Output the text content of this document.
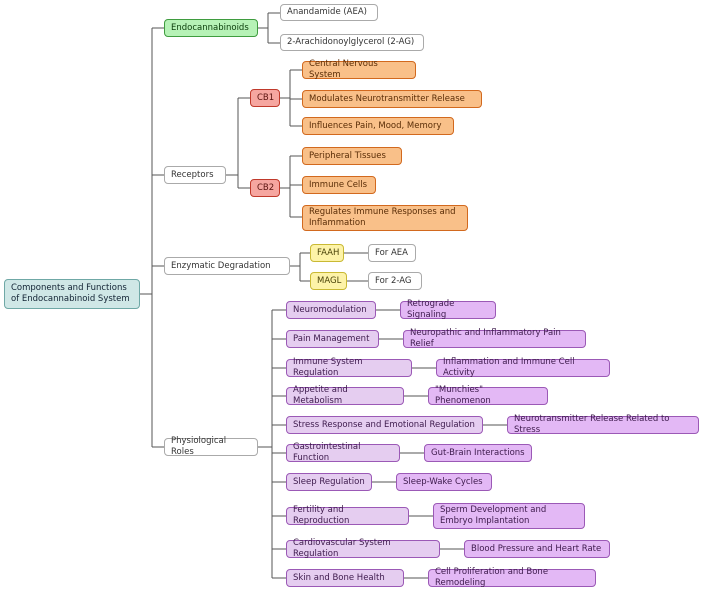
Components and Functions of Endocannabinoid System
Endocannabinoids
Anandamide (AEA)
2-Arachidonoylglycerol (2-AG)
Receptors
CB1
Central Nervous System
Modulates Neurotransmitter Release
Influences Pain, Mood, Memory
CB2
Peripheral Tissues
Immune Cells
Regulates Immune Responses and Inflammation
Enzymatic Degradation
FAAH	For AEA
MAGL	For 2-AG
Physiological Roles
Neuromodulation
Retrograde Signaling
Pain Management
Neuropathic and Inflammatory Pain Relief
Immune System Regulation
Inflammation and Immune Cell Activity
Appetite and Metabolism
"Munchies" Phenomenon
Stress Response and Emotional Regulation
Neurotransmitter Release Related to Stress
Gastrointestinal Function
Gut-Brain Interactions
Sleep Regulation	Sleep-Wake Cycles
Fertility and Reproduction
Sperm Development and Embryo Implantation
Cardiovascular System Regulation
Blood Pressure and Heart Rate
Skin and Bone Health
Cell Proliferation and Bone Remodeling
